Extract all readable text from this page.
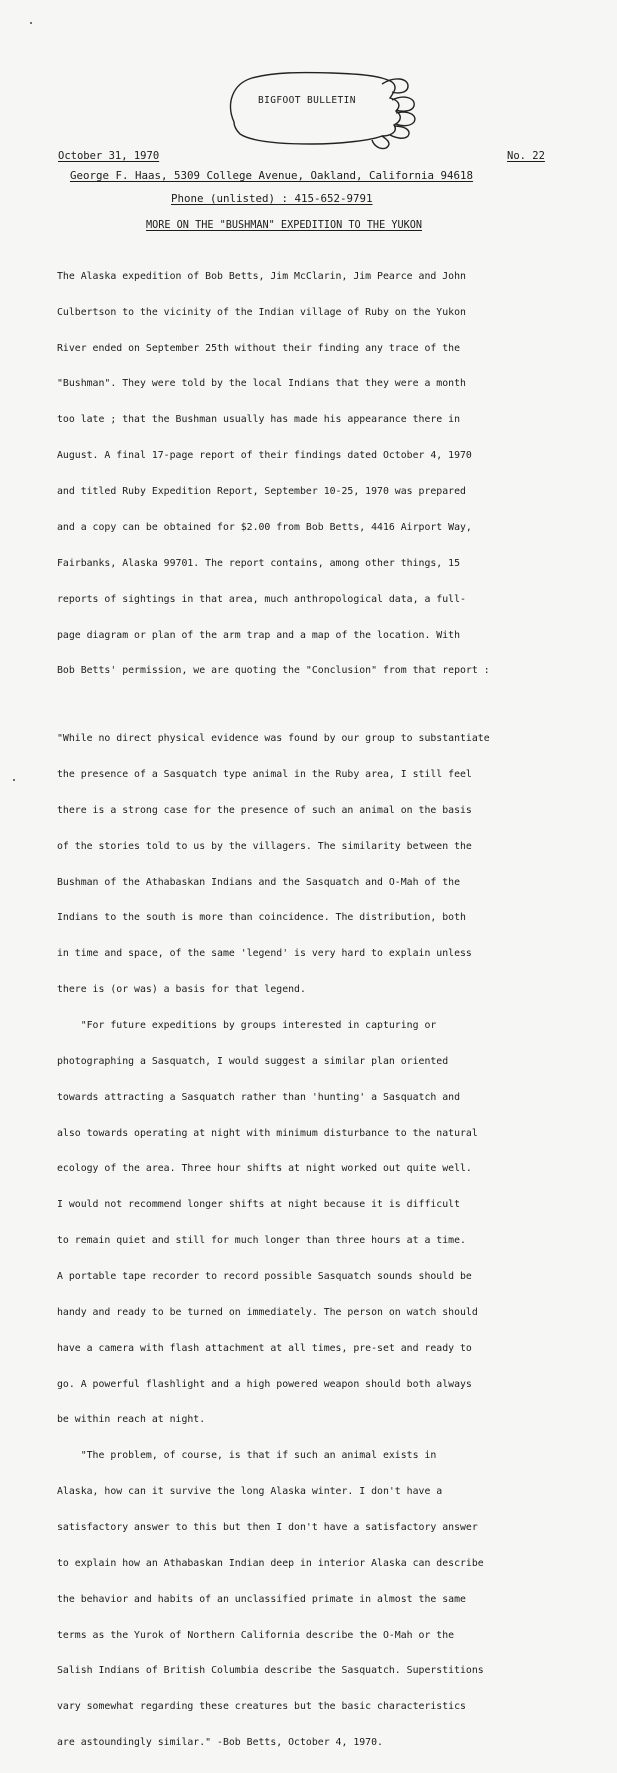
BIGFOOT BULLETIN
October 31, 1970	No. 22
George F. Haas, 5309 College Avenue, Oakland, California 94618
Phone (unlisted) : 415-652-9791
MORE ON THE "BUSHMAN" EXPEDITION TO THE YUKON

The Alaska expedition of Bob Betts, Jim McClarin, Jim Pearce and John

Culbertson to the vicinity of the Indian village of Ruby on the Yukon

River ended on September 25th without their finding any trace of the

"Bushman". They were told by the local Indians that they were a month

too late ; that the Bushman usually has made his appearance there in

August. A final 17-page report of their findings dated October 4, 1970

and titled Ruby Expedition Report, September 10-25, 1970 was prepared

and a copy can be obtained for $2.00 from Bob Betts, 4416 Airport Way,

Fairbanks, Alaska 99701. The report contains, among other things, 15

reports of sightings in that area, much anthropological data, a full-

page diagram or plan of the arm trap and a map of the location. With

Bob Betts' permission, we are quoting the "Conclusion" from that report :

"While no direct physical evidence was found by our group to substantiate

the presence of a Sasquatch type animal in the Ruby area, I still feel

there is a strong case for the presence of such an animal on the basis

of the stories told to us by the villagers. The similarity between the

Bushman of the Athabaskan Indians and the Sasquatch and O-Mah of the

Indians to the south is more than coincidence. The distribution, both

in time and space, of the same 'legend' is very hard to explain unless

there is (or was) a basis for that legend.

"For future expeditions by groups interested in capturing or

photographing a Sasquatch, I would suggest a similar plan oriented

towards attracting a Sasquatch rather than 'hunting' a Sasquatch and

also towards operating at night with minimum disturbance to the natural

ecology of the area. Three hour shifts at night worked out quite well.

I would not recommend longer shifts at night because it is difficult

to remain quiet and still for much longer than three hours at a time.

A portable tape recorder to record possible Sasquatch sounds should be

handy and ready to be turned on immediately. The person on watch should

have a camera with flash attachment at all times, pre-set and ready to

go. A powerful flashlight and a high powered weapon should both always

be within reach at night.

"The problem, of course, is that if such an animal exists in

Alaska, how can it survive the long Alaska winter. I don't have a

satisfactory answer to this but then I don't have a satisfactory answer

to explain how an Athabaskan Indian deep in interior Alaska can describe

the behavior and habits of an unclassified primate in almost the same

terms as the Yurok of Northern California describe the O-Mah or the

Salish Indians of British Columbia describe the Sasquatch. Superstitions

vary somewhat regarding these creatures but the basic characteristics

are astoundingly similar." -Bob Betts, October 4, 1970.
